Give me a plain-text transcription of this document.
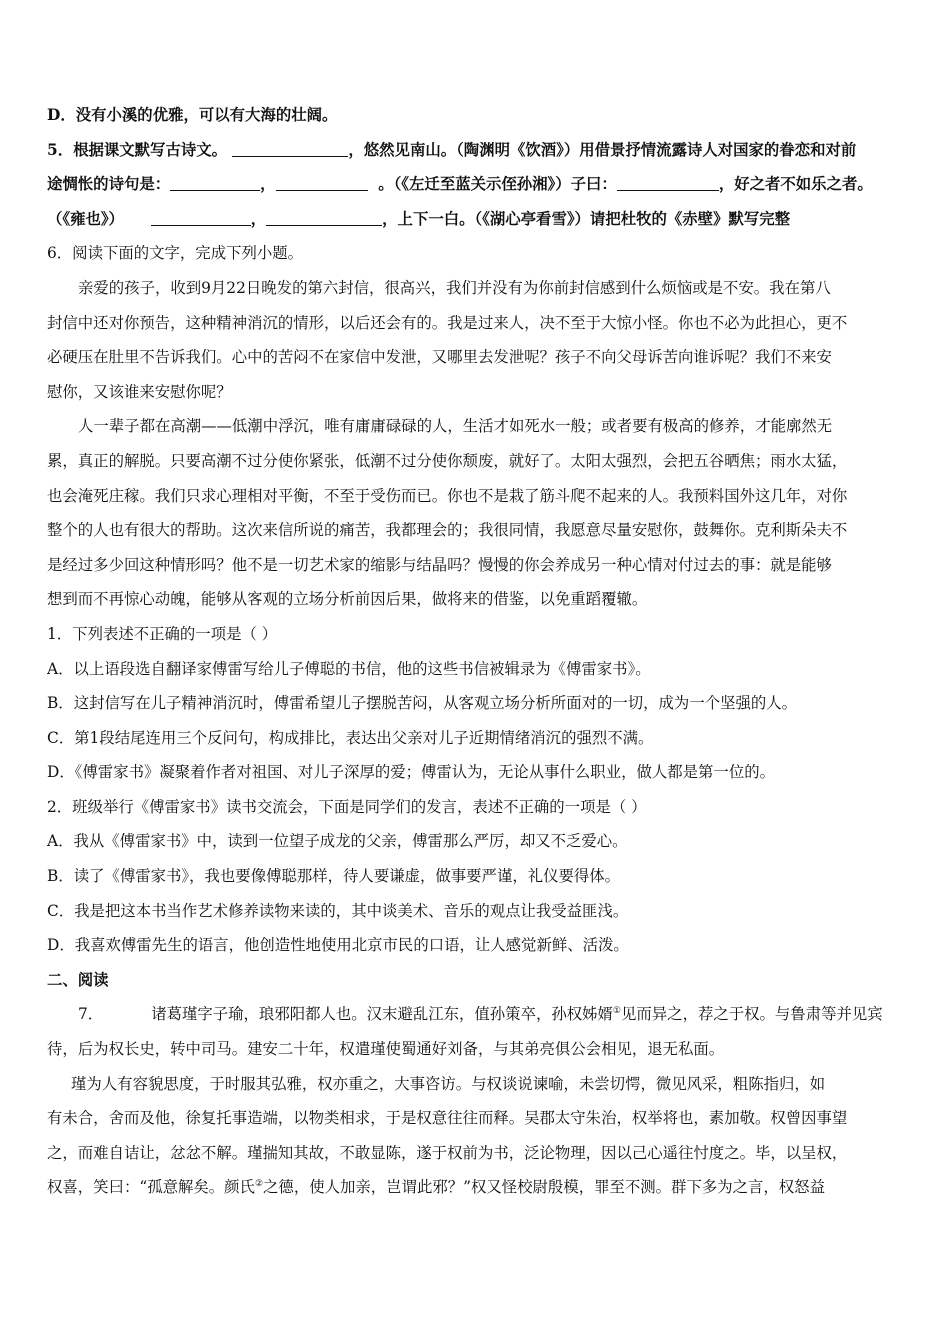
D．没有小溪的优雅，可以有大海的壮阔。
5．根据课文默写古诗文。	，悠然见南山。（陶渊明《饮酒》）用借景抒情流露诗人对国家的眷恋和对前
途惆怅的诗句是：	，	。（《左迁至蓝关示侄孙湘》）子曰：	，好之者不如乐之者。
（《雍也》）	，	，上下一白。（《湖心亭看雪》）请把杜牧的《赤壁》默写完整
6．阅读下面的文字，完成下列小题。
亲爱的孩子，收到9月22日晚发的第六封信，很高兴，我们并没有为你前封信感到什么烦恼或是不安。我在第八
封信中还对你预告，这种精神消沉的情形，以后还会有的。我是过来人，决不至于大惊小怪。你也不必为此担心，更不
必硬压在肚里不告诉我们。心中的苦闷不在家信中发泄，又哪里去发泄呢？孩子不向父母诉苦向谁诉呢？我们不来安
慰你，又该谁来安慰你呢？
人一辈子都在高潮——低潮中浮沉，唯有庸庸碌碌的人，生活才如死水一般；或者要有极高的修养，才能廓然无
累，真正的解脱。只要高潮不过分使你紧张，低潮不过分使你颓废，就好了。太阳太强烈，会把五谷晒焦；雨水太猛，
也会淹死庄稼。我们只求心理相对平衡，不至于受伤而已。你也不是栽了筋斗爬不起来的人。我预料国外这几年，对你
整个的人也有很大的帮助。这次来信所说的痛苦，我都理会的；我很同情，我愿意尽量安慰你，鼓舞你。克利斯朵夫不
是经过多少回这种情形吗？他不是一切艺术家的缩影与结晶吗？慢慢的你会养成另一种心情对付过去的事：就是能够
想到而不再惊心动魄，能够从客观的立场分析前因后果，做将来的借鉴，以免重蹈覆辙。
1．下列表述不正确的一项是（ ）
A．以上语段选自翻译家傅雷写给儿子傅聪的书信，他的这些书信被辑录为《傅雷家书》。
B．这封信写在儿子精神消沉时，傅雷希望儿子摆脱苦闷，从客观立场分析所面对的一切，成为一个坚强的人。
C．第1段结尾连用三个反问句，构成排比，表达出父亲对儿子近期情绪消沉的强烈不满。
D．《傅雷家书》凝聚着作者对祖国、对儿子深厚的爱；傅雷认为，无论从事什么职业，做人都是第一位的。
2．班级举行《傅雷家书》读书交流会，下面是同学们的发言，表述不正确的一项是（ ）
A．我从《傅雷家书》中，读到一位望子成龙的父亲，傅雷那么严厉，却又不乏爱心。
B．读了《傅雷家书》，我也要像傅聪那样，待人要谦虚，做事要严谨，礼仪要得体。
C．我是把这本书当作艺术修养读物来读的，其中谈美术、音乐的观点让我受益匪浅。
D．我喜欢傅雷先生的语言，他创造性地使用北京市民的口语，让人感觉新鲜、活泼。
二、阅读
7．	诸葛瑾字子瑜，琅邪阳都人也。汉末避乱江东，值孙策卒，孙权姊婿①见而异之，荐之于权。与鲁肃等并见宾
待，后为权长史，转中司马。建安二十年，权遣瑾使蜀通好刘备，与其弟亮俱公会相见，退无私面。
瑾为人有容貌思度，于时服其弘雅，权亦重之，大事咨访。与权谈说谏喻，未尝切愕，微见风采，粗陈指归，如
有未合，舍而及他，徐复托事造端，以物类相求，于是权意往往而释。吴郡太守朱治，权举将也，素加敬。权曾因事望
之，而难自诘让，忿忿不解。瑾揣知其故，不敢显陈，遂于权前为书，泛论物理，因以己心遥往忖度之。毕，以呈权，
权喜，笑曰：“孤意解矣。颜氏②之德，使人加亲，岂谓此邪？”权又怪校尉殷模，罪至不测。群下多为之言，权怒益
